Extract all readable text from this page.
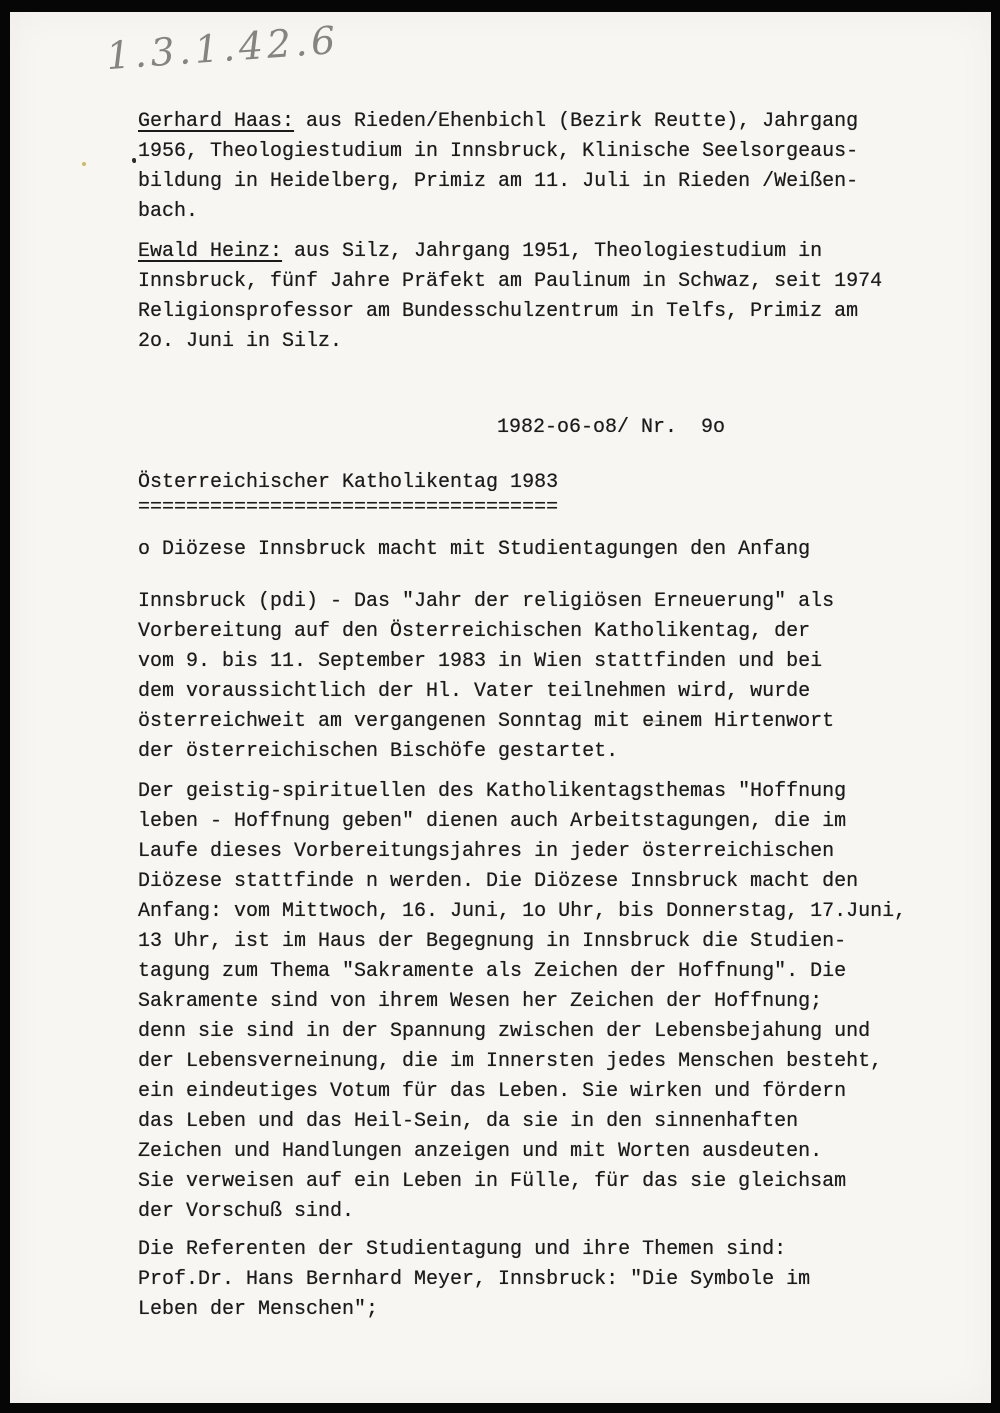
1.3.1.42.6
Gerhard Haas: aus Rieden/Ehenbichl (Bezirk Reutte), Jahrgang
1956, Theologiestudium in Innsbruck, Klinische Seelsorgeaus-
bildung in Heidelberg, Primiz am 11. Juli in Rieden /Weißen-
bach.
Ewald Heinz: aus Silz, Jahrgang 1951, Theologiestudium in
Innsbruck, fünf Jahre Präfekt am Paulinum in Schwaz, seit 1974
Religionsprofessor am Bundesschulzentrum in Telfs, Primiz am
2o. Juni in Silz.
1982-o6-o8/ Nr.  9o
Österreichischer Katholikentag 1983
===================================
o Diözese Innsbruck macht mit Studientagungen den Anfang
Innsbruck (pdi) - Das "Jahr der religiösen Erneuerung" als
Vorbereitung auf den Österreichischen Katholikentag, der
vom 9. bis 11. September 1983 in Wien stattfinden und bei
dem voraussichtlich der Hl. Vater teilnehmen wird, wurde
österreichweit am vergangenen Sonntag mit einem Hirtenwort
der österreichischen Bischöfe gestartet.
Der geistig-spirituellen des Katholikentagsthemas "Hoffnung
leben - Hoffnung geben" dienen auch Arbeitstagungen, die im
Laufe dieses Vorbereitungsjahres in jeder österreichischen
Diözese stattfinde n werden. Die Diözese Innsbruck macht den
Anfang: vom Mittwoch, 16. Juni, 1o Uhr, bis Donnerstag, 17.Juni,
13 Uhr, ist im Haus der Begegnung in Innsbruck die Studien-
tagung zum Thema "Sakramente als Zeichen der Hoffnung". Die
Sakramente sind von ihrem Wesen her Zeichen der Hoffnung;
denn sie sind in der Spannung zwischen der Lebensbejahung und
der Lebensverneinung, die im Innersten jedes Menschen besteht,
ein eindeutiges Votum für das Leben. Sie wirken und fördern
das Leben und das Heil-Sein, da sie in den sinnenhaften
Zeichen und Handlungen anzeigen und mit Worten ausdeuten.
Sie verweisen auf ein Leben in Fülle, für das sie gleichsam
der Vorschuß sind.
Die Referenten der Studientagung und ihre Themen sind:
Prof.Dr. Hans Bernhard Meyer, Innsbruck: "Die Symbole im
Leben der Menschen";
